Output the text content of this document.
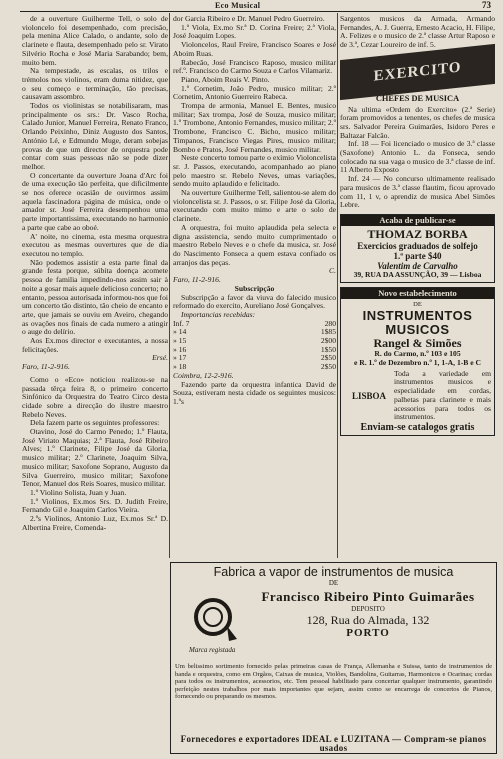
Eco Musical	73

de a ouverture Guilherme Tell, o solo de violoncelo foi desempenhado, com precisão, pela menina Alice Calado, o andante, solo de clarinete e flauta, desempenhado pelo sr. Virato Silvério Rocha e José Maria Sarabando; bem, muito bem.

Na tempestade, as escalas, os trilos e trémolos nos violinos, eram duma nitidez, que o seu começo e terminação, tão precisas, causavam assombro.

Todos os violinistas se notabilisaram, mas principalmente os srs.: Dr. Vasco Rocha, Calado Junior, Manuel Ferreira, Renato Franco, Orlando Peixinho, Diniz Augusto dos Santos, António Lé, e Edmundo Muge, deram sobejas provas de que um director de orquestra pode contar com suas pessoas não se pode dizer melhor.

O concertante da ouverture Joana d'Arc foi de uma execução tão perfeita, que dificilmente se nos oferece ocasião de ouvirmos assim aquela fascinadora página de música, onde o amador sr. José Ferreira desempenhou uma parte importantissima, executando no harmonio a parte que cabe ao oboé.

A' noite, no cinema, esta mesma orquestra executou as mesmas ouvertures que de dia executou no templo.

Não podemos assistir a esta parte final da grande festa porque, súbita doença acomete pessoa de familia impedindo-nos assim sair à noite a gosar mais aquele delicioso concerto; no entanto, pessoa autorisada informou-nos que foi um concerto tão distinto, tão cheio de encanto e arte, que jamais se ouviu em Aveiro, chegando as ovações nos finais de cada numero a atingir o auge do delírio.

Aos Ex.mos director e executantes, a nossa felicitações.

Ersé.

Faro, 11-2-916.

Como o «Eco» noticiou realizou-se na passada têrça feira 8, o primeiro concerto Sinfónico da Orquestra do Teatro Circo desta cidade sobre a direcção do ilustre maestro Rebelo Neves.

Dela fazem parte os seguintes professores:

Otavino, José do Carmo Penedo; 1.º Flauta, José Viriato Maquias; 2.ª Flauta, José Ribeiro Alves; 1.º Clarinete, Filipe José da Gloria, musico militar; 2.º Clarinete, Joaquim Silva, musico militar; Saxofone Soprano, Augusto da Silva Guerreiro, musico militar; Saxofone Tenor, Manuel dos Reis Soares, musico militar.

1.º Violino Solista, Juan y Juan.

1.º Violinos, Ex.mos Srs. D. Judith Freire, Fernando Gil e Joaquim Carlos Vieira.

2.ºs Violinos, Antonio Luz, Ex.mos Sr.ª D. Albertina Freire, Comenda-

dor Garcia Ribeiro e Dr. Manuel Pedro Guerreiro.

1.ª Viola, Ex.mo Sr.ª D. Corina Freire; 2.ª Viola, José Joaquim Lopes.

Violoncelos, Raul Freire, Francisco Soares e José Aboim Ruas.

Rabecão, José Francisco Raposo, musico militar ref.º. Francisco do Carmo Souza e Carlos Vilamariz.

Piano, Aboim Reais V. Pinto.

1.º Cornetim, João Pedro, musico militar; 2.º Cornetim, Antonio Guerreiro Rabeca.

Trompa de armonia, Manuel E. Bentes, musico militar; Sax trompa, José de Souza, musico militar; 1.º Trombone, Antonio Fernandes, musico militar; 2.º Trombone, Francisco C. Bicho, musico militar; Timpanos, Francisco Viegas Pires, musico militar; Bombo e Pratos, José Fernandes, musico militar.

Neste concerto tomou parte o exímio Violoncelista sr. J. Passos, executando, acompanhado ao piano pelo maestro sr. Rebelo Neves, umas variações, sendo muito aplaudido e felicitado.

Na ouverture Guilherme Tell, salientou-se alem do violoncelista sr. J. Passos, o sr. Filipe José da Gloria, executando com muito mimo e arte o solo de clarinete.

A orquestra, foi muito aplaudida pela selecta e digna assistencia, sendo muito cumprimentado o maestro Rebelo Neves e o chefe da musica, sr. José do Nascimento Fonseca a quem estava confiado os arranjos das peças.

C.

Faro, 11-2-916.

Subscripção

Subscripção a favor da viuva do falecido musico reformado do exercito, Aureliano José Gonçalves.

Importancias recebidas:

Inf. 7	280
» 14	1$85
» 15	2$00
» 16	1$50
» 17	2$50
» 18	2$50

Coimbra, 12-2-916.

Fazendo parte da orquestra infantica David de Souza, estiveram nesta cidade os seguintes musicos: 1.ºs

Sargentos musicos da Armada, Armando Fernandes, A. J. Guerra, Ernesto Acacio, H. Filipe, A. Felizes e o musico de 2.ª classe Artur Raposo e de 3.ª, Cezar Loureiro de inf. 5.

EXERCITO

CHEFES DE MUSICA

Na ultima «Ordem do Exercito» (2.ª Serie) foram promovidos a tenentes, os chefes de musica srs. Salvador Pereira Guimarães, Isidoro Peres e Baltazar Falcão.

Inf. 18 — Foi licenciado o musico de 3.ª classe (Saxofone) Antonio L. da Fonseca, sendo colocado na sua vaga o musico de 3.ª classe de inf. 11 Alberto Exposto

Inf. 24 — No concurso ultimamente realisado para musicos de 3.ª classe flautim, ficou aprovado com 11, 1 v, o aprendiz de musica Abel Simões Lebre.

Acaba de publicar-se
THOMAZ BORBA
Exercicios graduados de solfejo
1.ª parte $40
Valentim de Carvalho
39, RUA DA ASSUNÇÃO, 39 — Lisboa
Novo estabelecimento
DE
INSTRUMENTOS MUSICOS
Rangel & Simões
R. do Carmo, n.º 103 e 105
e R. 1.º de Dezembro n.º 1, 1-A, 1-B e C
LISBOA

Toda a variedade em instrumentos musicos e especialidade em cordas, palhetas para clarinete e mais acessorios para todos os instrumentos.

Enviam-se catalogos gratis
Fabrica a vapor de instrumentos de musica
DE
Francisco Ribeiro Pinto Guimarães
DEPOSITO
128, Rua do Almada, 132
PORTO
Marca registada

Um belissimo sortimento fornecido pelas primeiras casas de França, Allemanha e Suissa, tanto de instrumentos de banda e orquestra, como em Orgãos, Caixas de musica, Violões, Bandolins, Guitarras, Harmonicos e Ocarinas; cordas para todos os instrumentos, acessorios, etc. Tem pessoal habilitado para concertar qualquer instrumento, garantindo perfeição nestes trabalhos por mais importantes que sejam, assim como se encarrega de concertos de Pianos, fornecendo ou preparando os mesmos.

Fornecedores e exportadores IDEAL e LUZITANA — Compram-se pianos usados
